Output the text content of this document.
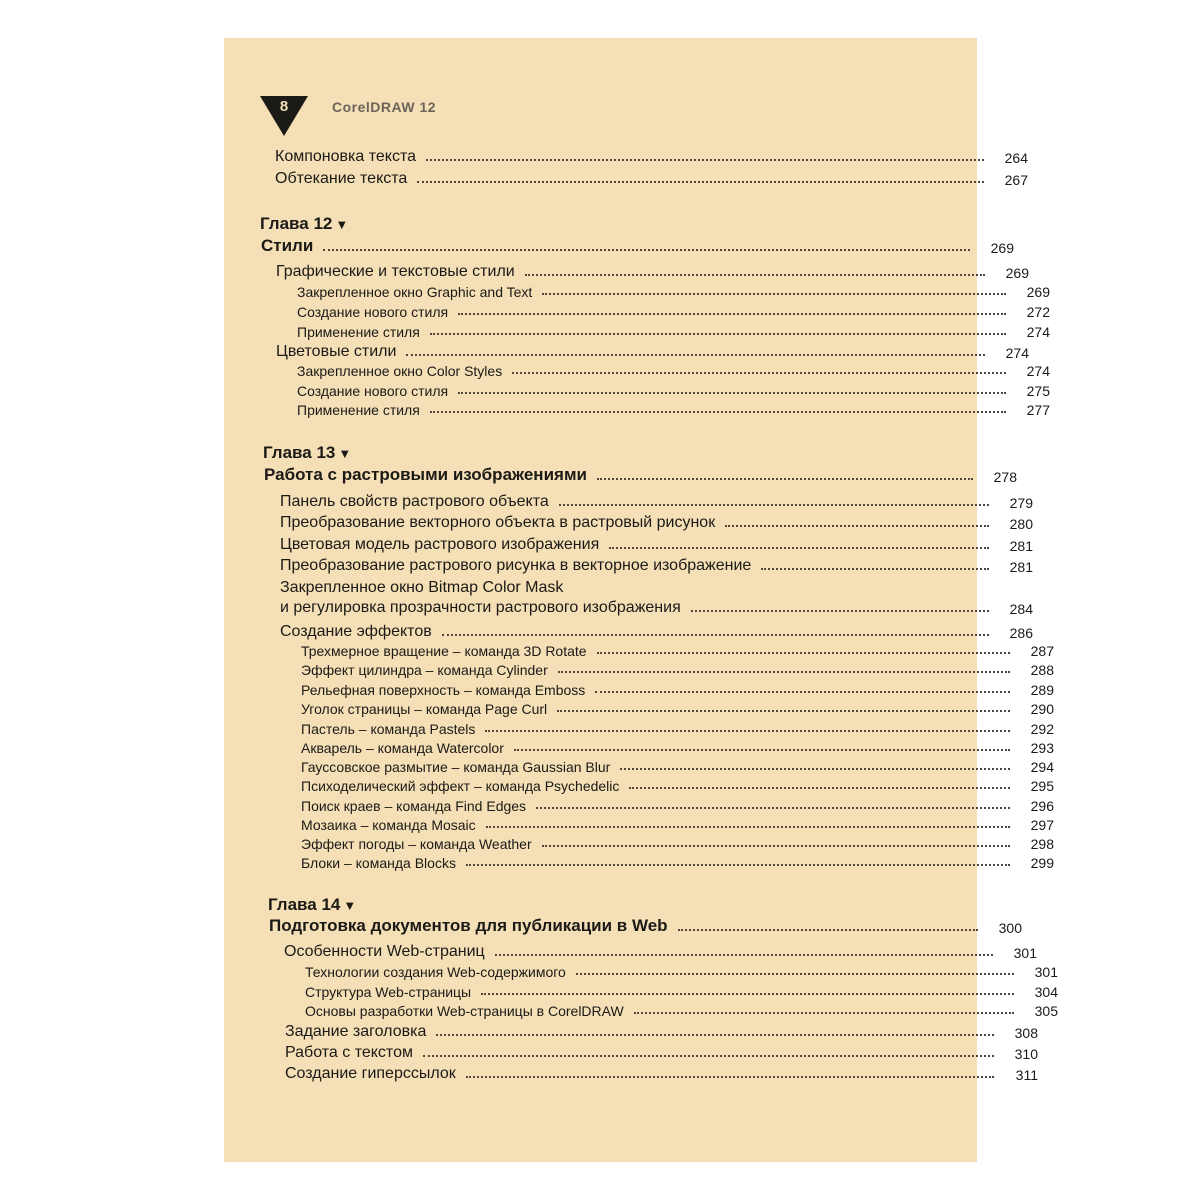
8	CorelDRAW 12
Глава 12 ▼
Глава 13 ▼
Глава 14 ▼
Компоновка текста	264
Обтекание текста	267
Стили	269
Графические и текстовые стили	269
Закрепленное окно Graphic and Text	269
Создание нового стиля	272
Применение стиля	274
Цветовые стили	274
Закрепленное окно Color Styles	274
Создание нового стиля	275
Применение стиля	277
Работа с растровыми изображениями	278
Панель свойств растрового объекта	279
Преобразование векторного объекта в растровый рисунок	280
Цветовая модель растрового изображения	281
Преобразование растрового рисунка в векторное изображение	281
Закрепленное окно Bitmap Color Mask
и регулировка прозрачности растрового изображения	284
Создание эффектов	286
Трехмерное вращение – команда 3D Rotate	287
Эффект цилиндра – команда Cylinder	288
Рельефная поверхность – команда Emboss	289
Уголок страницы – команда Page Curl	290
Пастель – команда Pastels	292
Акварель – команда Watercolor	293
Гауссовское размытие – команда Gaussian Blur	294
Психоделический эффект – команда Psychedelic	295
Поиск краев – команда Find Edges	296
Мозаика – команда Mosaic	297
Эффект погоды – команда Weather	298
Блоки – команда Blocks	299
Подготовка документов для публикации в Web	300
Особенности Web-страниц	301
Технологии создания Web-содержимого	301
Структура Web-страницы	304
Основы разработки Web-страницы в CorelDRAW	305
Задание заголовка	308
Работа с текстом	310
Создание гиперссылок	311
